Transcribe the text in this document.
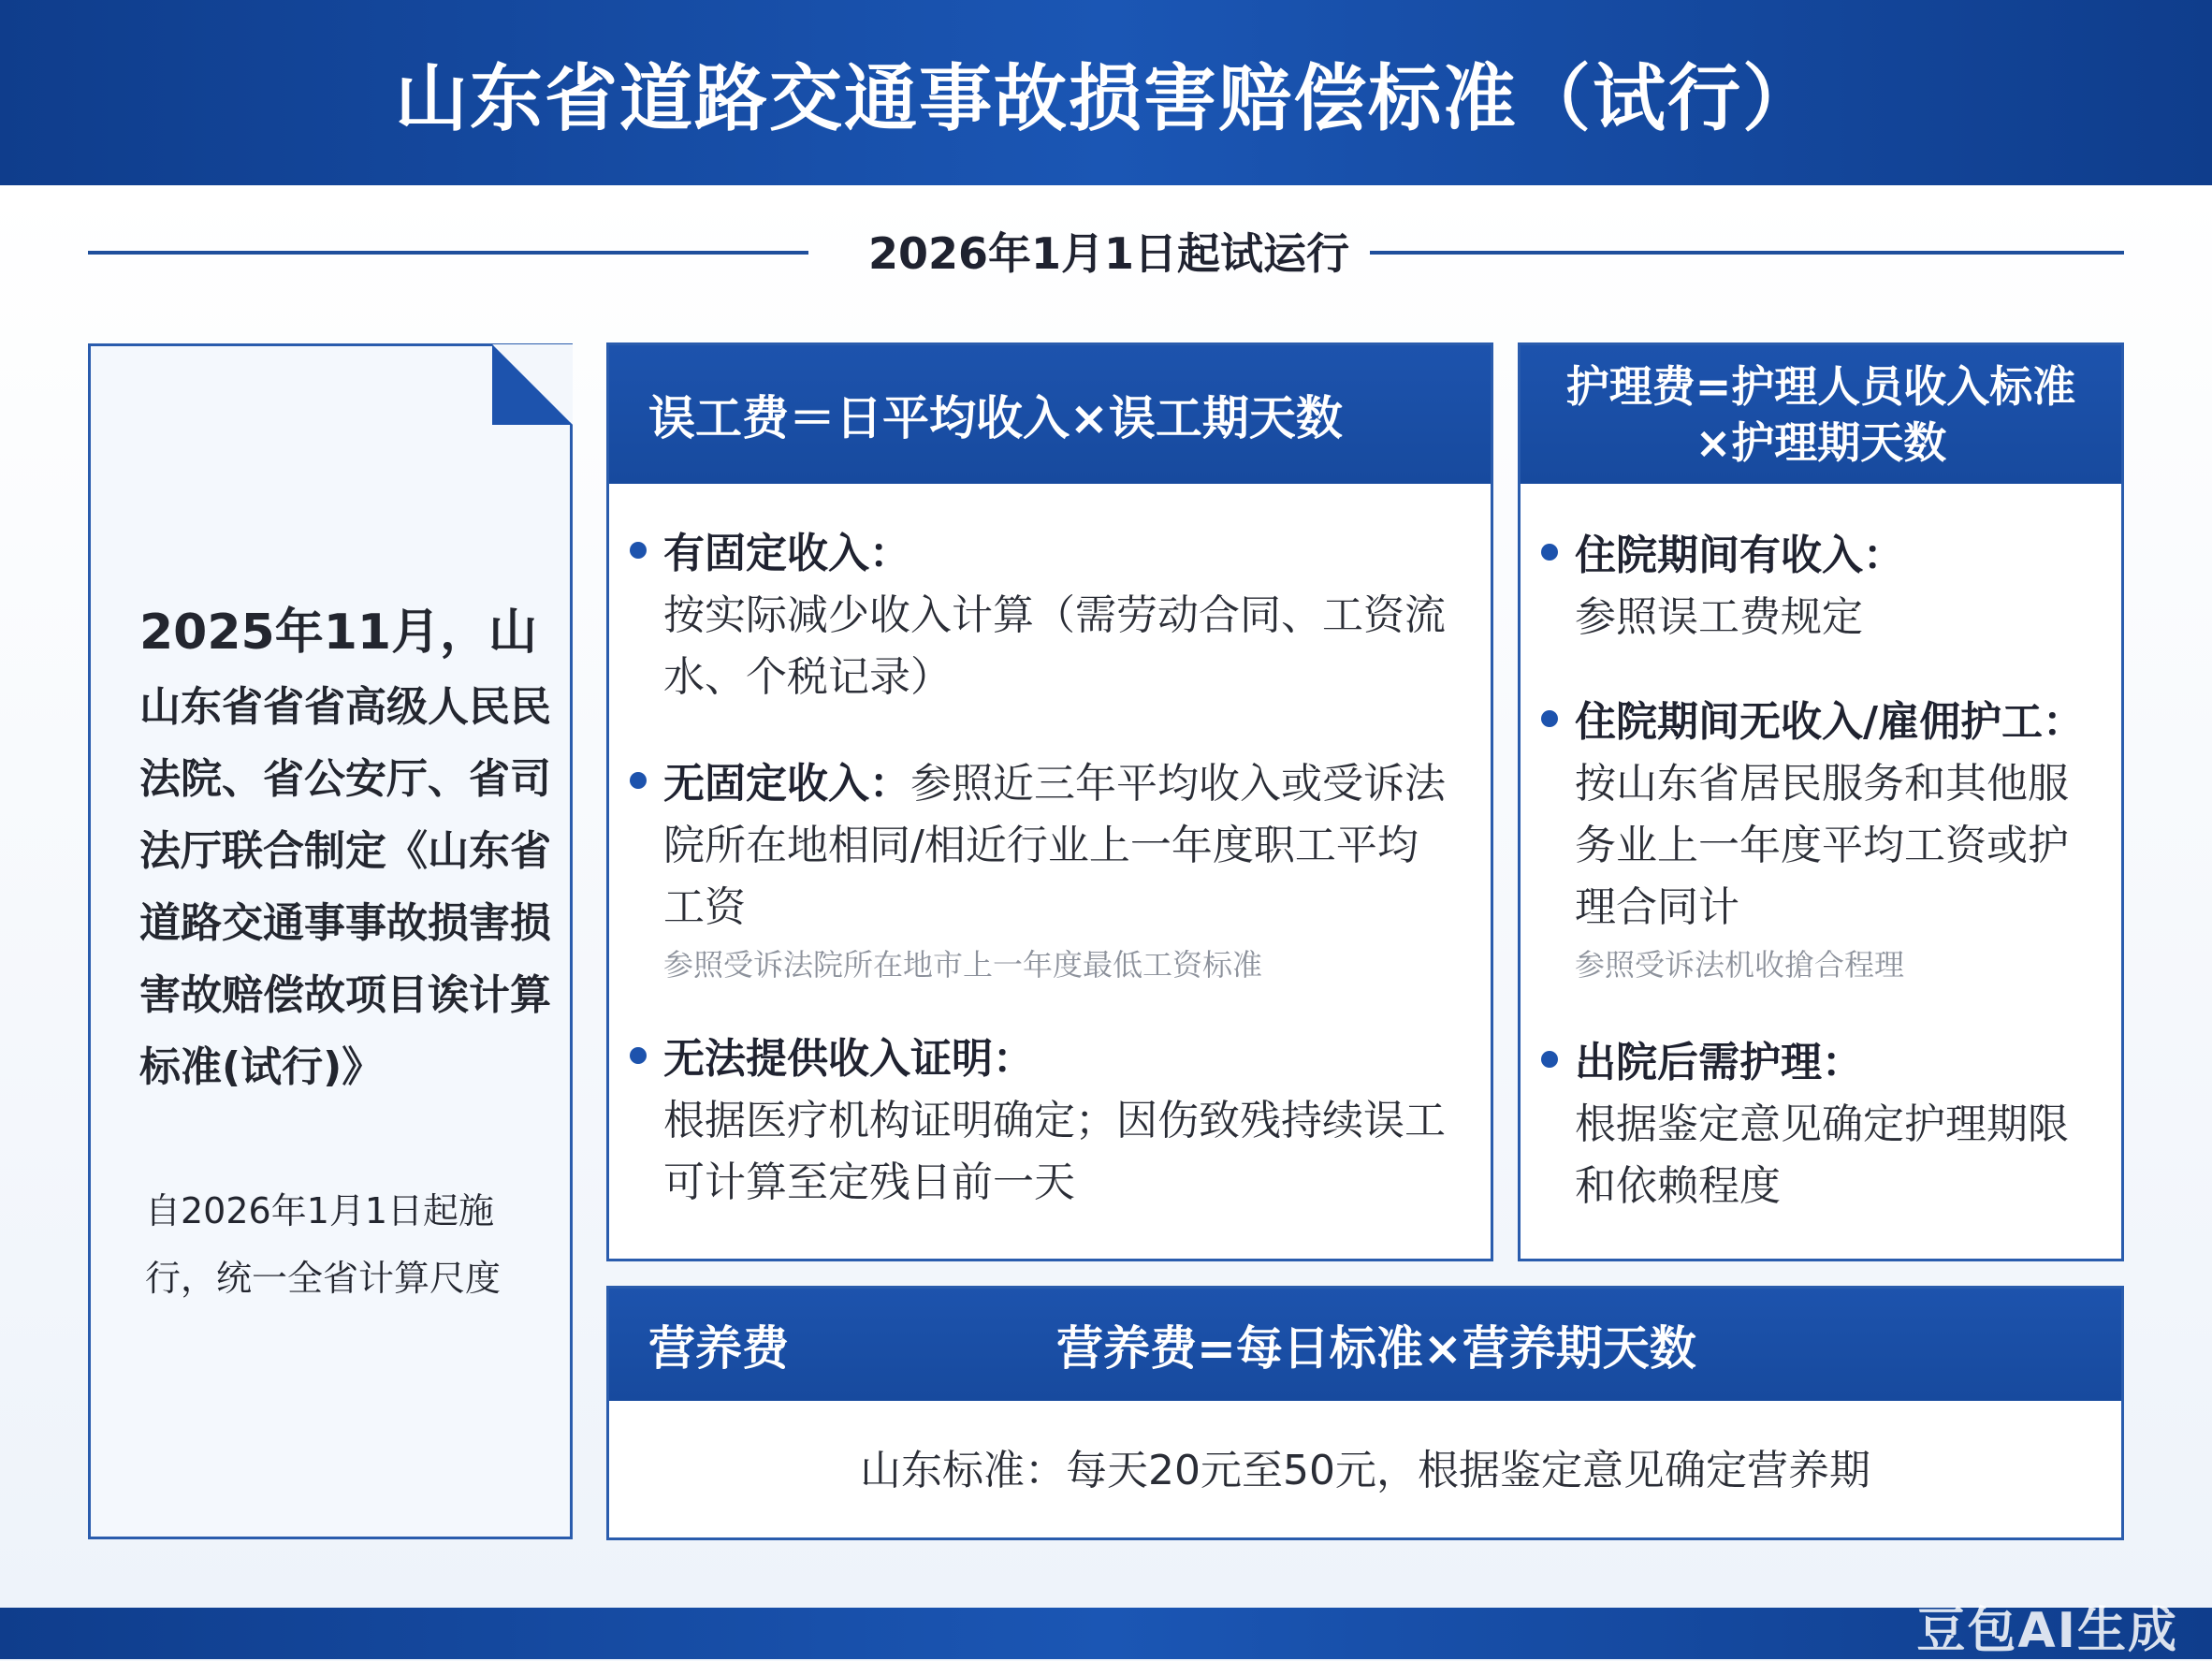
山东省道路交通事故损害赔偿标准（试行）
2026年1月1日起试运行
2025年11月，山山东省省省高级人民民法院、省公安厅、省司法厅联合制定《山东省道路交通事事故损害损害故赔偿故项目诶计算标准(试行)》
自2026年1月1日起施行，统一全省计算尺度
误工费＝日平均收入×误工期天数
有固定收入：
按实际减少收入计算（需劳动合同、工资流水、个税记录）
无固定收入：参照近三年平均收入或受诉法院所在地相同/相近行业上一年度职工平均工资
参照受诉法院所在地市上一年度最低工资标准
无法提供收入证明：
根据医疗机构证明确定；因伤致残持续误工可计算至定残日前一天
护理费=护理人员收入标准
×护理期天数
住院期间有收入：
参照误工费规定
住院期间无收入/雇佣护工：
按山东省居民服务和其他服务业上一年度平均工资或护理合同计
参照受诉法机收搶合程理
出院后需护理：
根据鉴定意见确定护理期限和依赖程度
营养费	营养费=每日标准×营养期天数
山东标准：每天20元至50元，根据鉴定意见确定营养期
豆包AI生成
